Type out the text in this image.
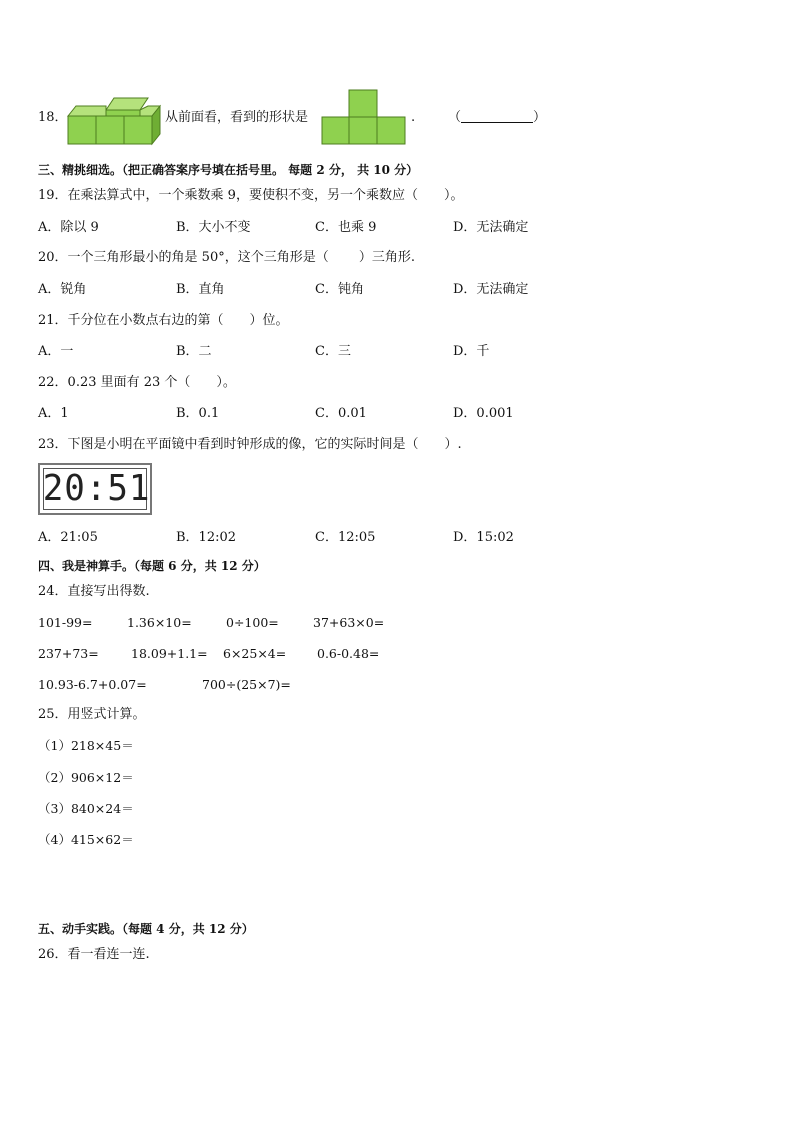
18．	从前面看，看到的形状是	.	（	）
三、精挑细选。（把正确答案序号填在括号里。 每题 2 分， 共 10 分）
19．在乘法算式中，一个乘数乘 9，要使积不变，另一个乘数应（　　）。
A．除以 9	B．大小不变	C．也乘 9	D．无法确定
20．一个三角形最小的角是 50°，这个三角形是（　　 ）三角形.
A．锐角	B．直角	C．钝角	D．无法确定
21．千分位在小数点右边的第（　　）位。
A．一	B．二	C．三	D．千
22．0.23 里面有 23 个（　　）。
A．1	B．0.1	C．0.01	D．0.001
23．下图是小明在平面镜中看到时钟形成的像，它的实际时间是（　　）.
20:51
A．21:05	B．12:02	C．12:05	D．15:02
四、我是神算手。（每题 6 分，共 12 分）
24．直接写出得数.
101-99=	1.36×10=	0÷100=	37+63×0=
237+73=	18.09+1.1= 6×25×4= 0.6-0.48=
10.93-6.7+0.07=	700÷(25×7)=
25．用竖式计算。
（1）218×45＝
（2）906×12＝
（3）840×24＝
（4）415×62＝
五、动手实践。（每题 4 分，共 12 分）
26．看一看连一连.
